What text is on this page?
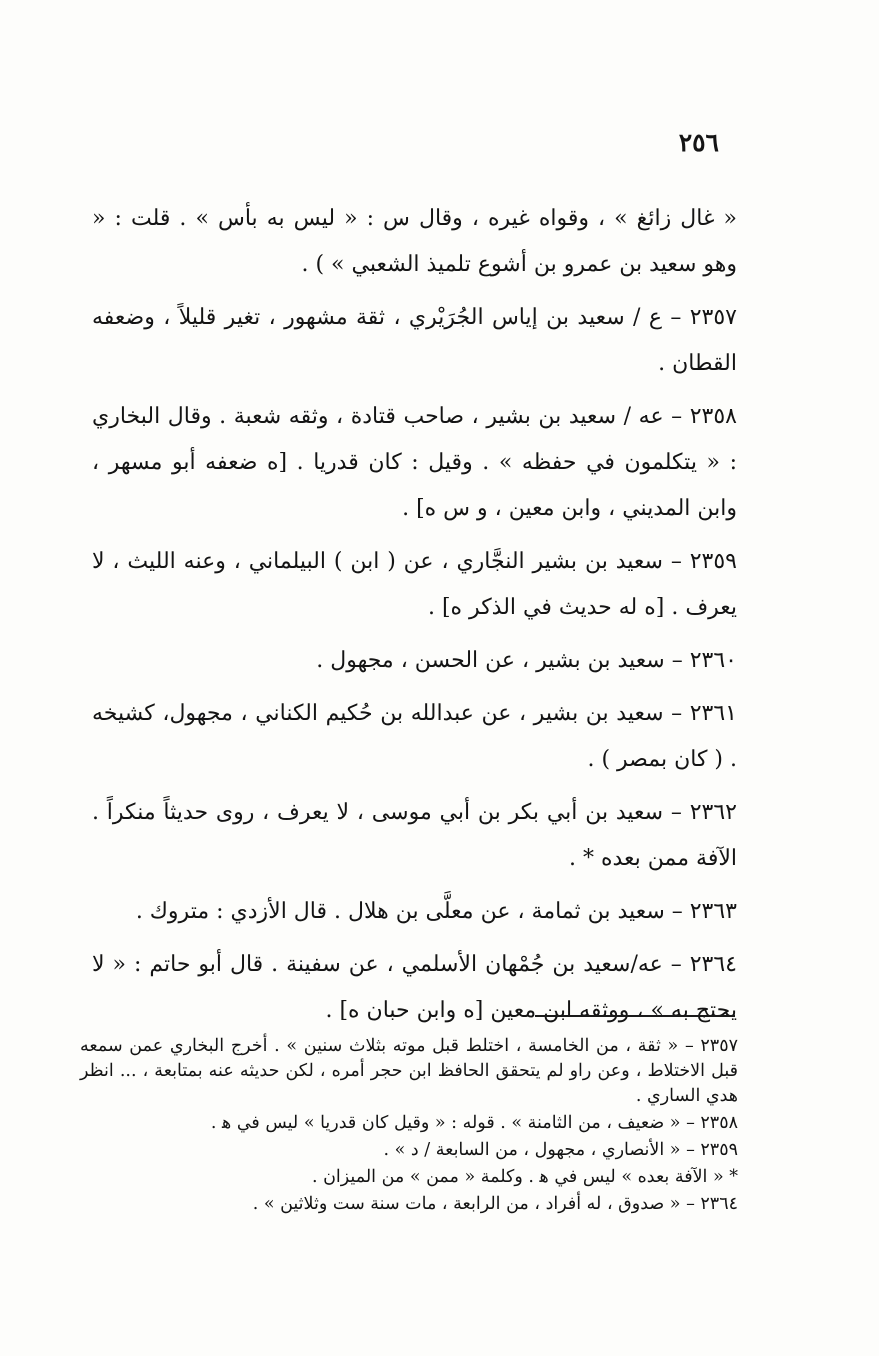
٢٥٦

« غال زائغ » ، وقواه غيره ، وقال س : « ليس به بأس » . قلت : « وهو سعيد بن عمرو بن أشوع تلميذ الشعبي » ) .

٢٣٥٧ – ع / سعيد بن إياس الجُرَيْري ، ثقة مشهور ، تغير قليلاً ، وضعفه القطان .

٢٣٥٨ – عه / سعيد بن بشير ، صاحب قتادة ، وثقه شعبة . وقال البخاري : « يتكلمون في حفظه » . وقيل : كان قدريا . [ه ضعفه أبو مسهر ، وابن المديني ، وابن معين ، و س ه] .

٢٣٥٩ – سعيد بن بشير النجَّاري ، عن ( ابن ) البيلماني ، وعنه الليث ، لا يعرف . [ه له حديث في الذكر ه] .

٢٣٦٠ – سعيد بن بشير ، عن الحسن ، مجهول .

٢٣٦١ – سعيد بن بشير ، عن عبدالله بن حُكيم الكناني ، مجهول، كشيخه . ( كان بمصر ) .

٢٣٦٢ – سعيد بن أبي بكر بن أبي موسى ، لا يعرف ، روى حديثاً منكراً . الآفة ممن بعده * .

٢٣٦٣ – سعيد بن ثمامة ، عن معلَّى بن هلال . قال الأزدي : متروك .

٢٣٦٤ – عه/سعيد بن جُمْهان الأسلمي ، عن سفينة . قال أبو حاتم : « لا يحتج به » ، ووثقه ابن معين [ه وابن حبان ه] .

٢٣٥٧ – « ثقة ، من الخامسة ، اختلط قبل موته بثلاث سنين » . أخرج البخاري عمن سمعه قبل الاختلاط ، وعن راو لم يتحقق الحافظ ابن حجر أمره ، لكن حديثه عنه بمتابعة ، ... انظر هدي الساري .

٢٣٥٨ – « ضعيف ، من الثامنة » . قوله : « وقيل كان قدريا » ليس في ﻫ .

٢٣٥٩ – « الأنصاري ، مجهول ، من السابعة / د » .

* « الآفة بعده » ليس في ﻫ . وكلمة « ممن » من الميزان .

٢٣٦٤ – « صدوق ، له أفراد ، من الرابعة ، مات سنة ست وثلاثين » .
